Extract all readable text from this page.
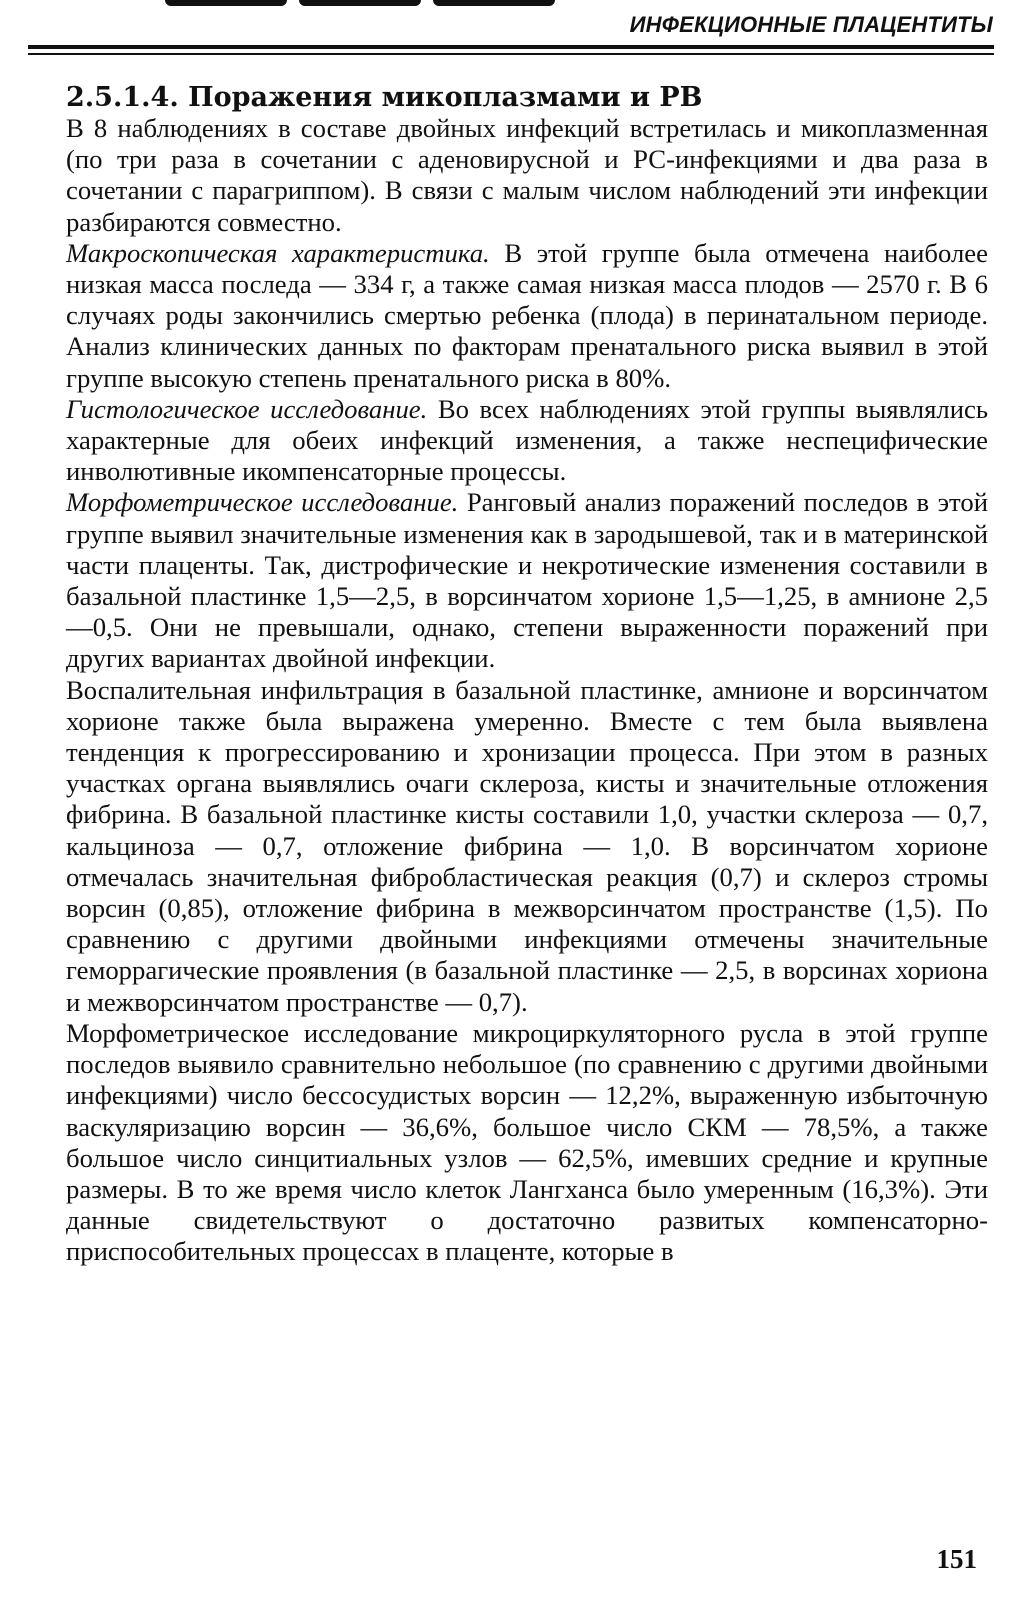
ИНФЕКЦИОННЫЕ ПЛАЦЕНТИТЫ
2.5.1.4. Поражения микоплазмами и РВ

В 8 наблюдениях в составе двойных инфекций встретилась и микоплазменная (по три раза в сочетании с аденовирусной и РС-инфекциями и два раза в сочетании с парагриппом). В связи с малым числом наблюдений эти инфекции разбираются совместно.

Макроскопическая характеристика. В этой группе была отмечена наиболее низкая масса последа — 334 г, а также самая низкая масса плодов — 2570 г. В 6 случаях роды закончились смертью ребенка (плода) в перинатальном периоде. Анализ клинических данных по факторам пренатального риска выявил в этой группе высокую степень пренатального риска в 80%.

Гистологическое исследование. Во всех наблюдениях этой группы выявлялись характерные для обеих инфекций изменения, а также неспецифические инволютивные икомпенсаторные процессы.

Морфометрическое исследование. Ранговый анализ поражений последов в этой группе выявил значительные изменения как в зародышевой, так и в материнской части плаценты. Так, дистрофические и некротические изменения составили в базальной пластинке 1,5—2,5, в ворсинчатом хорионе 1,5—1,25, в амнионе 2,5—0,5. Они не превышали, однако, степени выраженности поражений при других вариантах двойной инфекции.

Воспалительная инфильтрация в базальной пластинке, амнионе и ворсинчатом хорионе также была выражена умеренно. Вместе с тем была выявлена тенденция к прогрессированию и хронизации процесса. При этом в разных участках органа выявлялись очаги склероза, кисты и значительные отложения фибрина. В базальной пластинке кисты составили 1,0, участки склероза — 0,7, кальциноза — 0,7, отложение фибрина — 1,0. В ворсинчатом хорионе отмечалась значительная фибробластическая реакция (0,7) и склероз стромы ворсин (0,85), отложение фибрина в межворсинчатом пространстве (1,5). По сравнению с другими двойными инфекциями отмечены значительные геморрагические проявления (в базальной пластинке — 2,5, в ворсинах хориона и межворсинчатом пространстве — 0,7).

Морфометрическое исследование микроциркуляторного русла в этой группе последов выявило сравнительно небольшое (по сравнению с другими двойными инфекциями) число бессосудистых ворсин — 12,2%, выраженную избыточную васкуляризацию ворсин — 36,6%, большое число СКМ — 78,5%, а также большое число синцитиальных узлов — 62,5%, имевших средние и крупные размеры. В то же время число клеток Лангханса было умеренным (16,3%). Эти данные свидетельствуют о достаточно развитых компенсаторно-приспособительных процессах в плаценте, которые в

151
